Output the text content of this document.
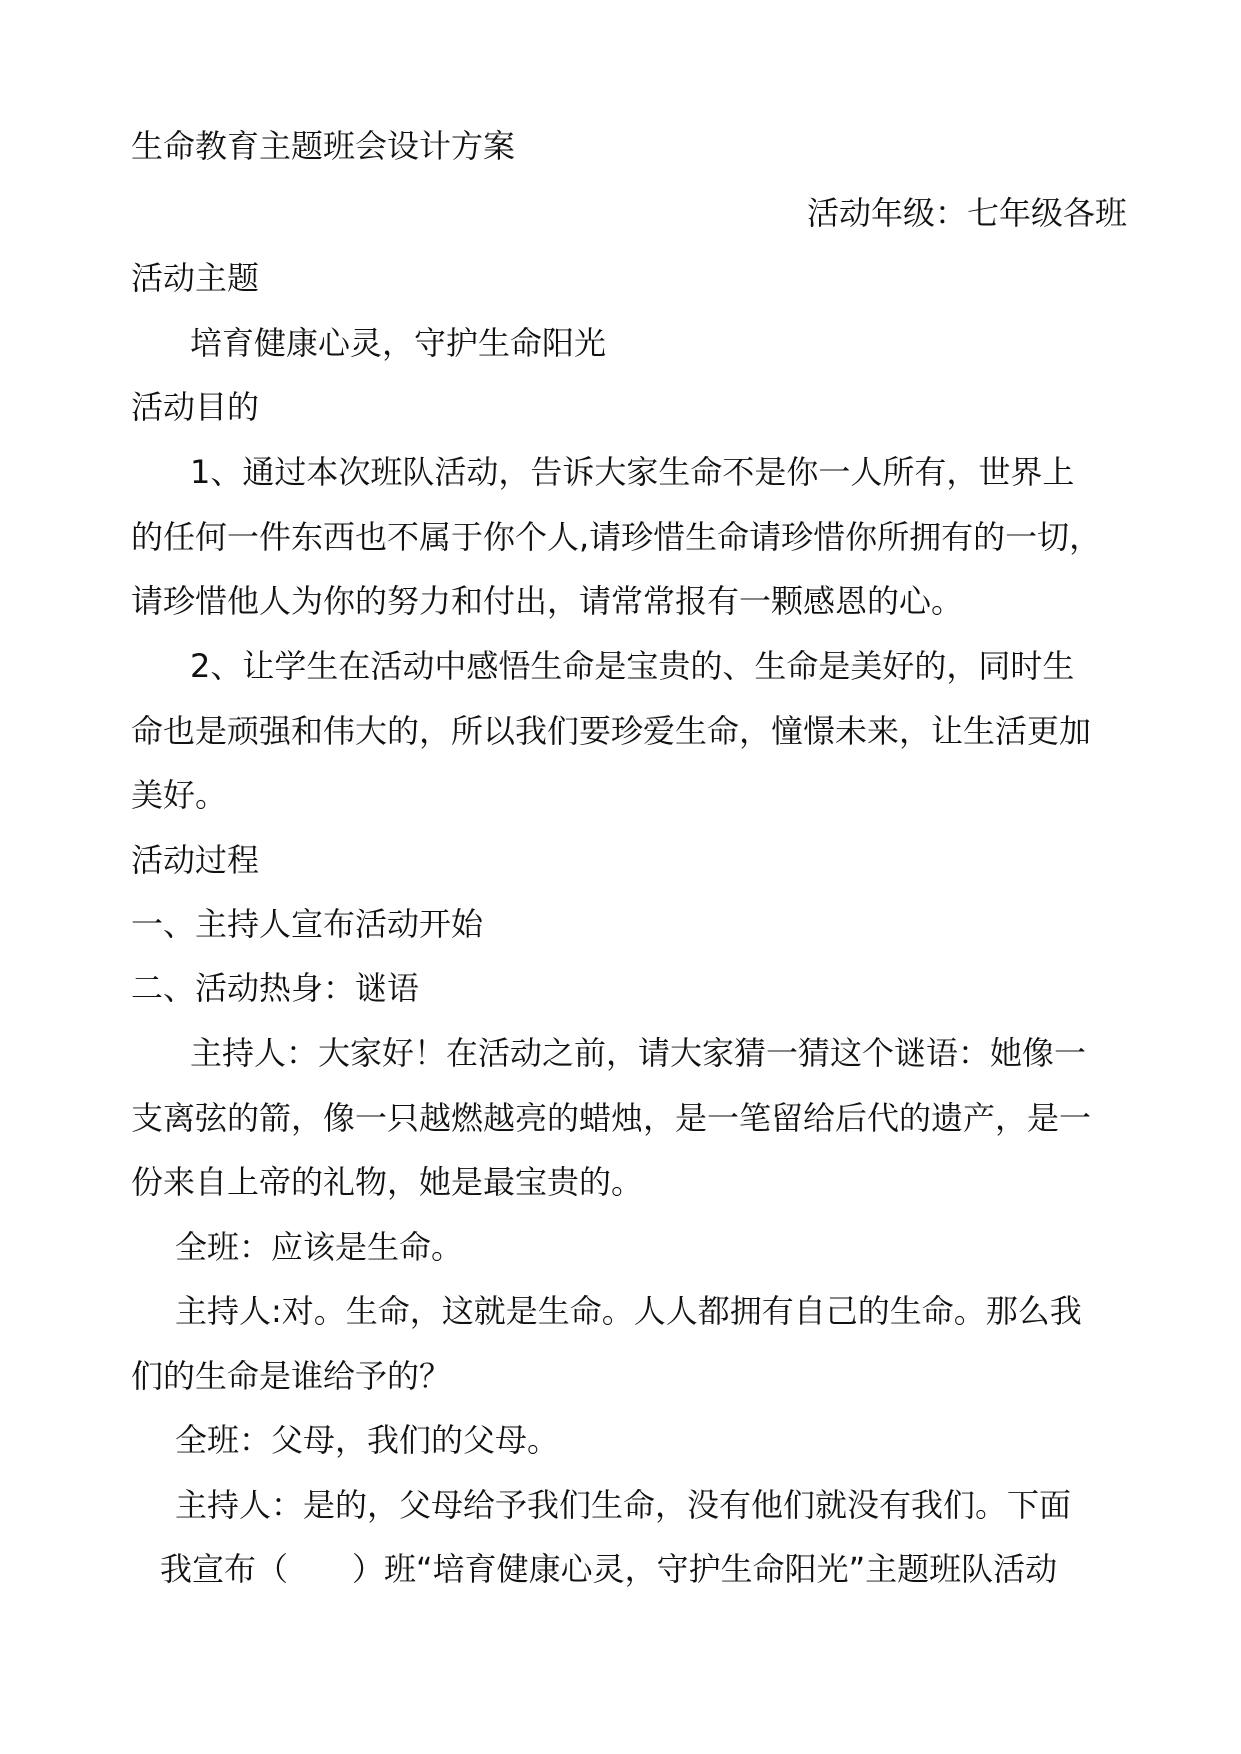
生命教育主题班会设计方案
活动年级：七年级各班
活动主题
培育健康心灵，守护生命阳光
活动目的
1、通过本次班队活动，告诉大家生命不是你一人所有，世界上
的任何一件东西也不属于你个人,请珍惜生命请珍惜你所拥有的一切，
请珍惜他人为你的努力和付出，请常常报有一颗感恩的心。
2、让学生在活动中感悟生命是宝贵的、生命是美好的，同时生
命也是顽强和伟大的，所以我们要珍爱生命，憧憬未来，让生活更加
美好。
活动过程
一、主持人宣布活动开始
二、活动热身：谜语
主持人：大家好！在活动之前，请大家猜一猜这个谜语：她像一
支离弦的箭，像一只越燃越亮的蜡烛，是一笔留给后代的遗产，是一
份来自上帝的礼物，她是最宝贵的。
全班：应该是生命。
主持人:对。生命，这就是生命。人人都拥有自己的生命。那么我
们的生命是谁给予的？
全班：父母，我们的父母。
主持人：是的，父母给予我们生命，没有他们就没有我们。下面
我宣布（　　）班“培育健康心灵，守护生命阳光”主题班队活动
